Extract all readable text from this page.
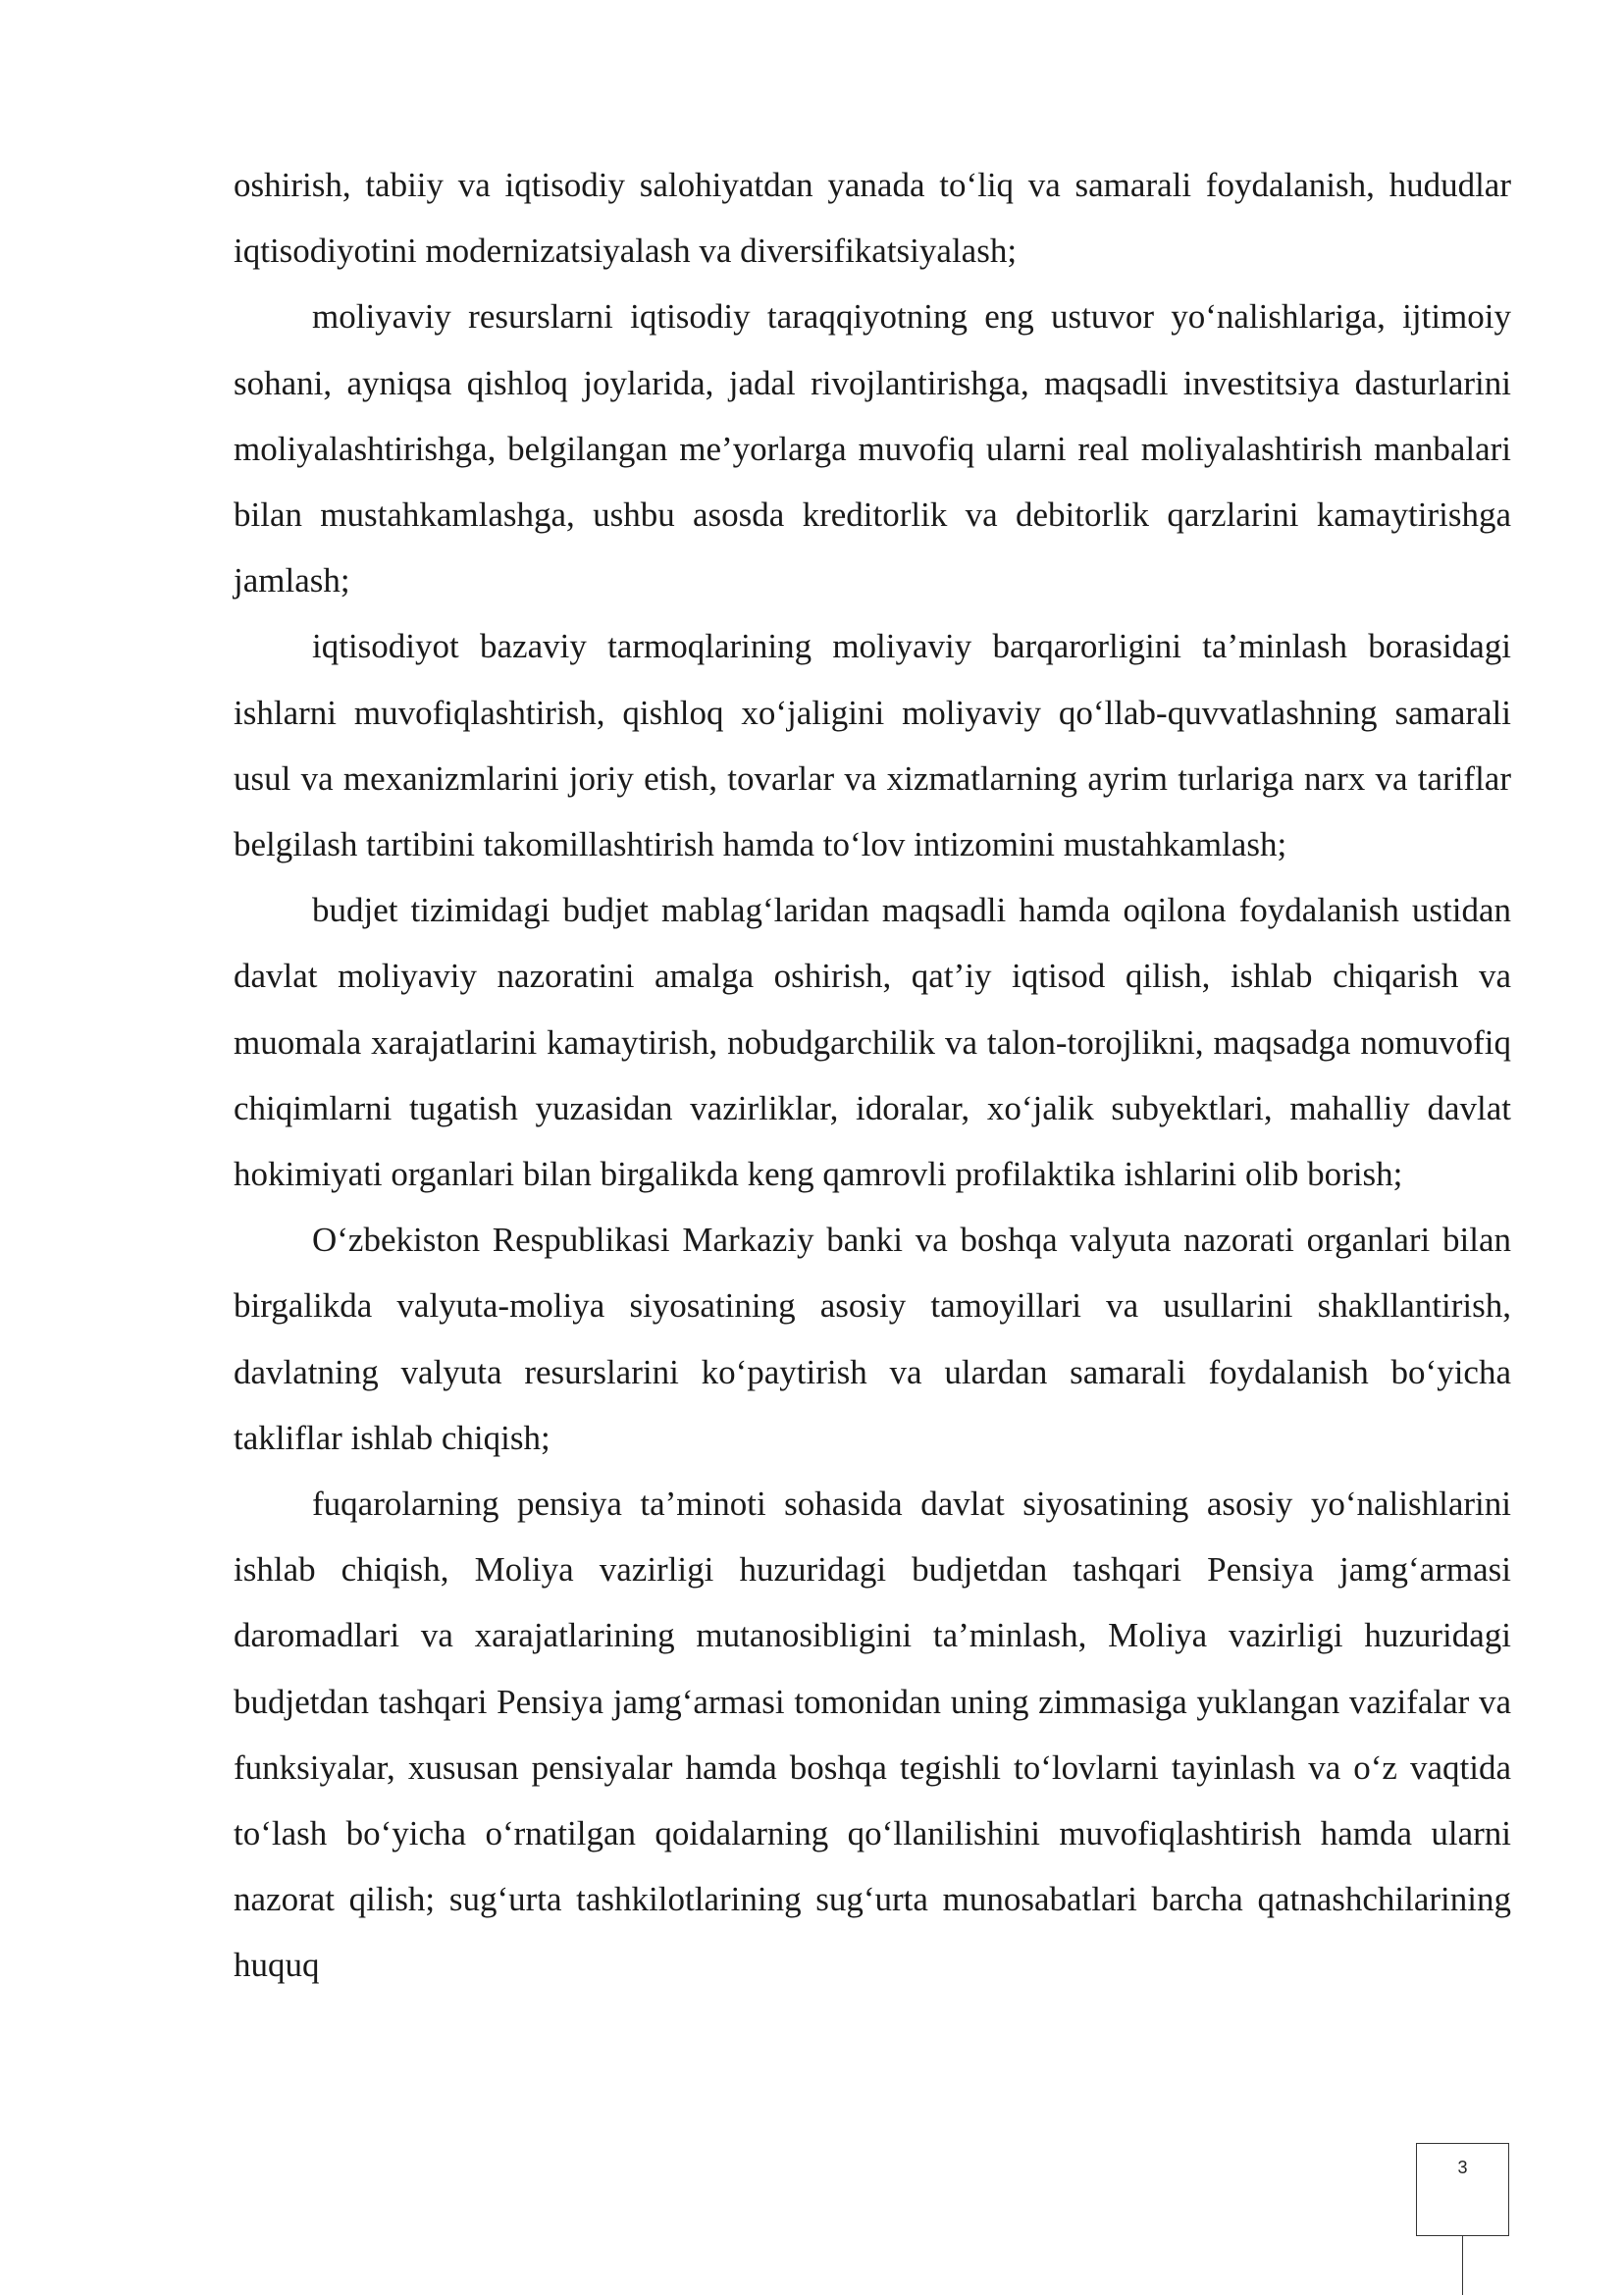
oshirish, tabiiy va iqtisodiy salohiyatdan yanada to‘liq va samarali foydalanish, hududlar iqtisodiyotini modernizatsiyalash va diversifikatsiyalash;

moliyaviy resurslarni iqtisodiy taraqqiyotning eng ustuvor yo‘nalishlariga, ijtimoiy sohani, ayniqsa qishloq joylarida, jadal rivojlantirishga, maqsadli investitsiya dasturlarini moliyalashtirishga, belgilangan me’yorlarga muvofiq ularni real moliyalashtirish manbalari bilan mustahkamlashga, ushbu asosda kreditorlik va debitorlik qarzlarini kamaytirishga jamlash;

iqtisodiyot bazaviy tarmoqlarining moliyaviy barqarorligini ta’minlash borasidagi ishlarni muvofiqlashtirish, qishloq xo‘jaligini moliyaviy qo‘llab-quvvatlashning samarali usul va mexanizmlarini joriy etish, tovarlar va xizmatlarning ayrim turlariga narx va tariflar belgilash tartibini takomillashtirish hamda to‘lov intizomini mustahkamlash;

budjet tizimidagi budjet mablag‘laridan maqsadli hamda oqilona foydalanish ustidan davlat moliyaviy nazoratini amalga oshirish, qat’iy iqtisod qilish, ishlab chiqarish va muomala xarajatlarini kamaytirish, nobudgarchilik va talon-torojlikni, maqsadga nomuvofiq chiqimlarni tugatish yuzasidan vazirliklar, idoralar, xo‘jalik subyektlari, mahalliy davlat hokimiyati organlari bilan birgalikda keng qamrovli profilaktika ishlarini olib borish;

O‘zbekiston Respublikasi Markaziy banki va boshqa valyuta nazorati organlari bilan birgalikda valyuta-moliya siyosatining asosiy tamoyillari va usullarini shakllantirish, davlatning valyuta resurslarini ko‘paytirish va ulardan samarali foydalanish bo‘yicha takliflar ishlab chiqish;

fuqarolarning pensiya ta’minoti sohasida davlat siyosatining asosiy yo‘nalishlarini ishlab chiqish, Moliya vazirligi huzuridagi budjetdan tashqari Pensiya jamg‘armasi daromadlari va xarajatlarining mutanosibligini ta’minlash, Moliya vazirligi huzuridagi budjetdan tashqari Pensiya jamg‘armasi tomonidan uning zimmasiga yuklangan vazifalar va funksiyalar, xususan pensiyalar hamda boshqa tegishli to‘lovlarni tayinlash va o‘z vaqtida to‘lash bo‘yicha o‘rnatilgan qoidalarning qo‘llanilishini muvofiqlashtirish hamda ularni nazorat qilish; sug‘urta tashkilotlarining sug‘urta munosabatlari barcha qatnashchilarining huquq

3
